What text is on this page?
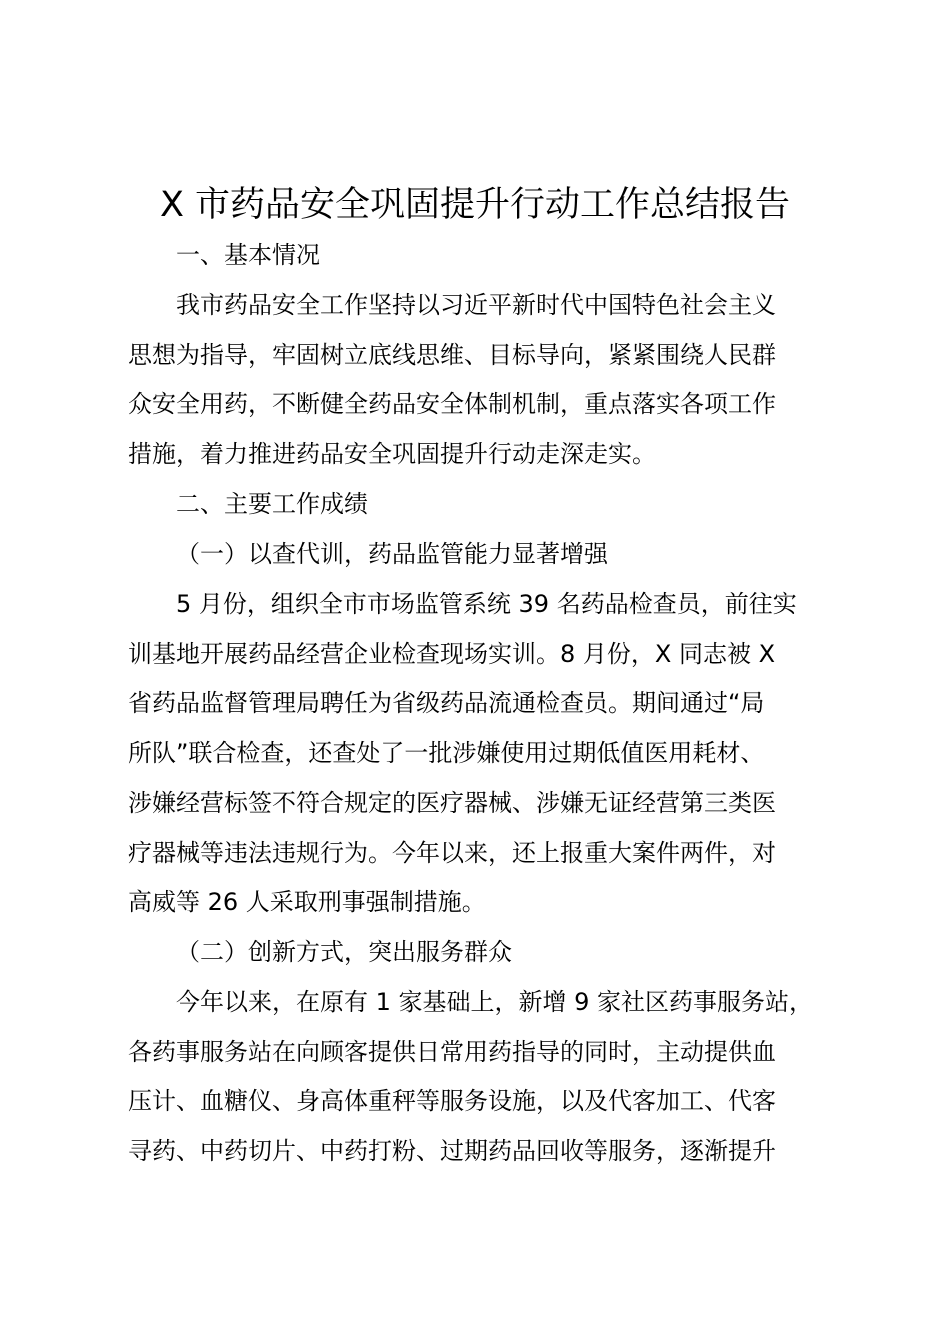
X 市药品安全巩固提升行动工作总结报告
一、基本情况
我市药品安全工作坚持以习近平新时代中国特色社会主义
思想为指导，牢固树立底线思维、目标导向，紧紧围绕人民群
众安全用药，不断健全药品安全体制机制，重点落实各项工作
措施，着力推进药品安全巩固提升行动走深走实。
二、主要工作成绩
（一）以查代训，药品监管能力显著增强
5 月份，组织全市市场监管系统 39 名药品检查员，前往实
训基地开展药品经营企业检查现场实训。8 月份，X 同志被 X
省药品监督管理局聘任为省级药品流通检查员。期间通过“局
所队”联合检查，还查处了一批涉嫌使用过期低值医用耗材、
涉嫌经营标签不符合规定的医疗器械、涉嫌无证经营第三类医
疗器械等违法违规行为。今年以来，还上报重大案件两件，对
高威等 26 人采取刑事强制措施。
（二）创新方式，突出服务群众
今年以来，在原有 1 家基础上，新增 9 家社区药事服务站，
各药事服务站在向顾客提供日常用药指导的同时，主动提供血
压计、血糖仪、身高体重秤等服务设施，以及代客加工、代客
寻药、中药切片、中药打粉、过期药品回收等服务，逐渐提升
